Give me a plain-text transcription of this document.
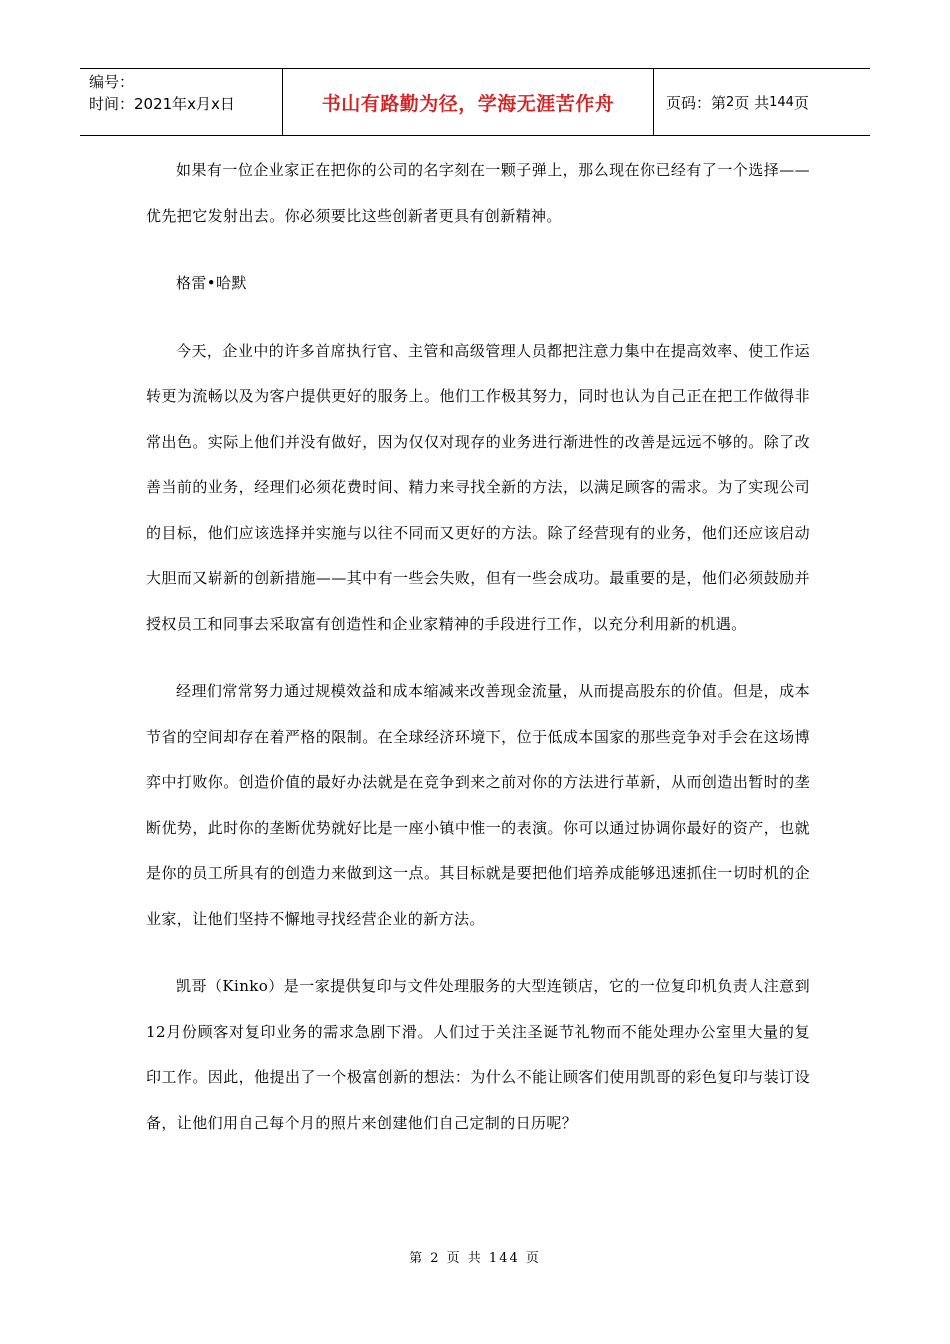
编号：
时间：2021年x月x日	书山有路勤为径，学海无涯苦作舟	页码：第 2 页 共 144 页

如果有一位企业家正在把你的公司的名字刻在一颗子弹上，那么现在你已经有了一个选择——优先把它发射出去。你必须要比这些创新者更具有创新精神。

格雷•哈默

今天，企业中的许多首席执行官、主管和高级管理人员都把注意力集中在提高效率、使工作运转更为流畅以及为客户提供更好的服务上。他们工作极其努力，同时也认为自己正在把工作做得非常出色。实际上他们并没有做好，因为仅仅对现存的业务进行渐进性的改善是远远不够的。除了改善当前的业务，经理们必须花费时间、精力来寻找全新的方法，以满足顾客的需求。为了实现公司的目标，他们应该选择并实施与以往不同而又更好的方法。除了经营现有的业务，他们还应该启动大胆而又崭新的创新措施——其中有一些会失败，但有一些会成功。最重要的是，他们必须鼓励并授权员工和同事去采取富有创造性和企业家精神的手段进行工作，以充分利用新的机遇。

经理们常常努力通过规模效益和成本缩减来改善现金流量，从而提高股东的价值。但是，成本节省的空间却存在着严格的限制。在全球经济环境下，位于低成本国家的那些竞争对手会在这场博弈中打败你。创造价值的最好办法就是在竞争到来之前对你的方法进行革新，从而创造出暂时的垄断优势，此时你的垄断优势就好比是一座小镇中惟一的表演。你可以通过协调你最好的资产，也就是你的员工所具有的创造力来做到这一点。其目标就是要把他们培养成能够迅速抓住一切时机的企业家，让他们坚持不懈地寻找经营企业的新方法。

凯哥（Kinko）是一家提供复印与文件处理服务的大型连锁店，它的一位复印机负责人注意到12月份顾客对复印业务的需求急剧下滑。人们过于关注圣诞节礼物而不能处理办公室里大量的复印工作。因此，他提出了一个极富创新的想法：为什么不能让顾客们使用凯哥的彩色复印与装订设备，让他们用自己每个月的照片来创建他们自己定制的日历呢？

第 2 页 共 144 页
